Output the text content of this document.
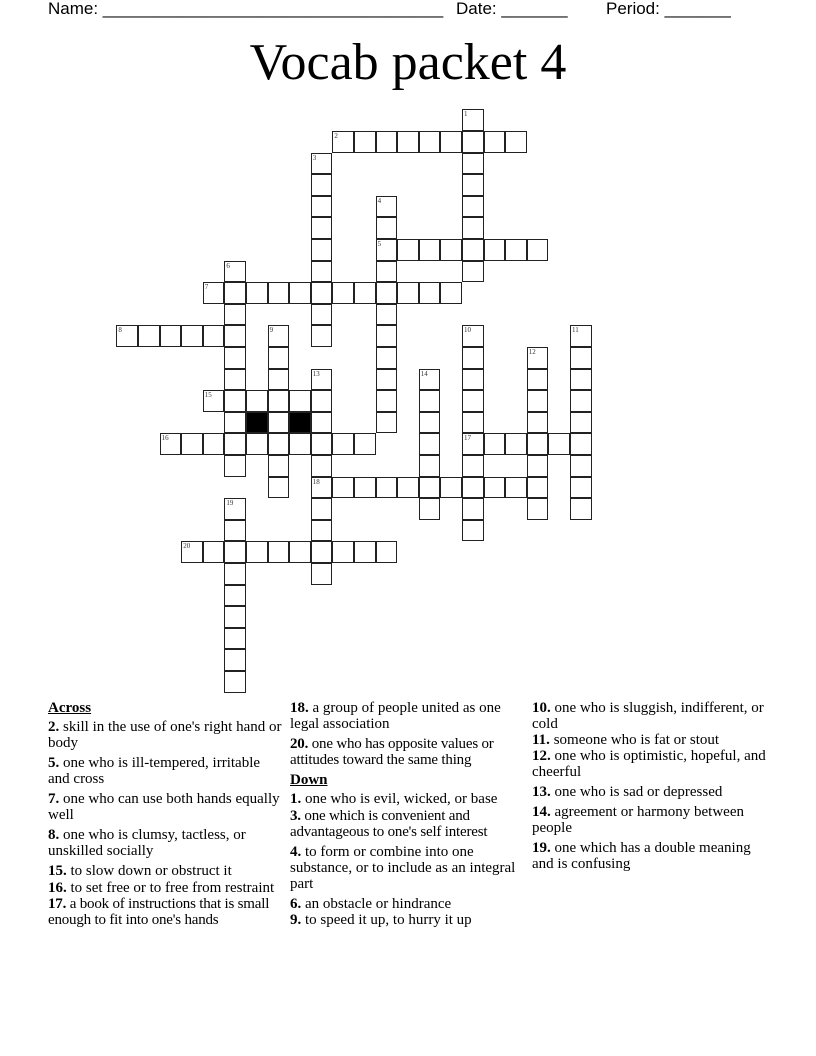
Name: ____________________________________

Date: _______

Period: _______

Vocab packet 4
1
2
3
4
5
6
7
8	9	10
17
11
12
13
18
14
15
16
19
20
Across
2. skill in the use of one's right hand or body
5. one who is ill-tempered, irritable and cross
7. one who can use both hands equally well
8. one who is clumsy, tactless, or unskilled socially
15. to slow down or obstruct it
16. to set free or to free from restraint
17. a book of instructions that is small enough to fit into one's hands
18. a group of people united as one legal association
20. one who has opposite values or attitudes toward the same thing
Down
1. one who is evil, wicked, or base
3. one which is convenient and advantageous to one's self interest
4. to form or combine into one substance, or to include as an integral part
6. an obstacle or hindrance
9. to speed it up, to hurry it up
10. one who is sluggish, indifferent, or cold
11. someone who is fat or stout
12. one who is optimistic, hopeful, and cheerful
13. one who is sad or depressed
14. agreement or harmony between people
19. one which has a double meaning and is confusing
